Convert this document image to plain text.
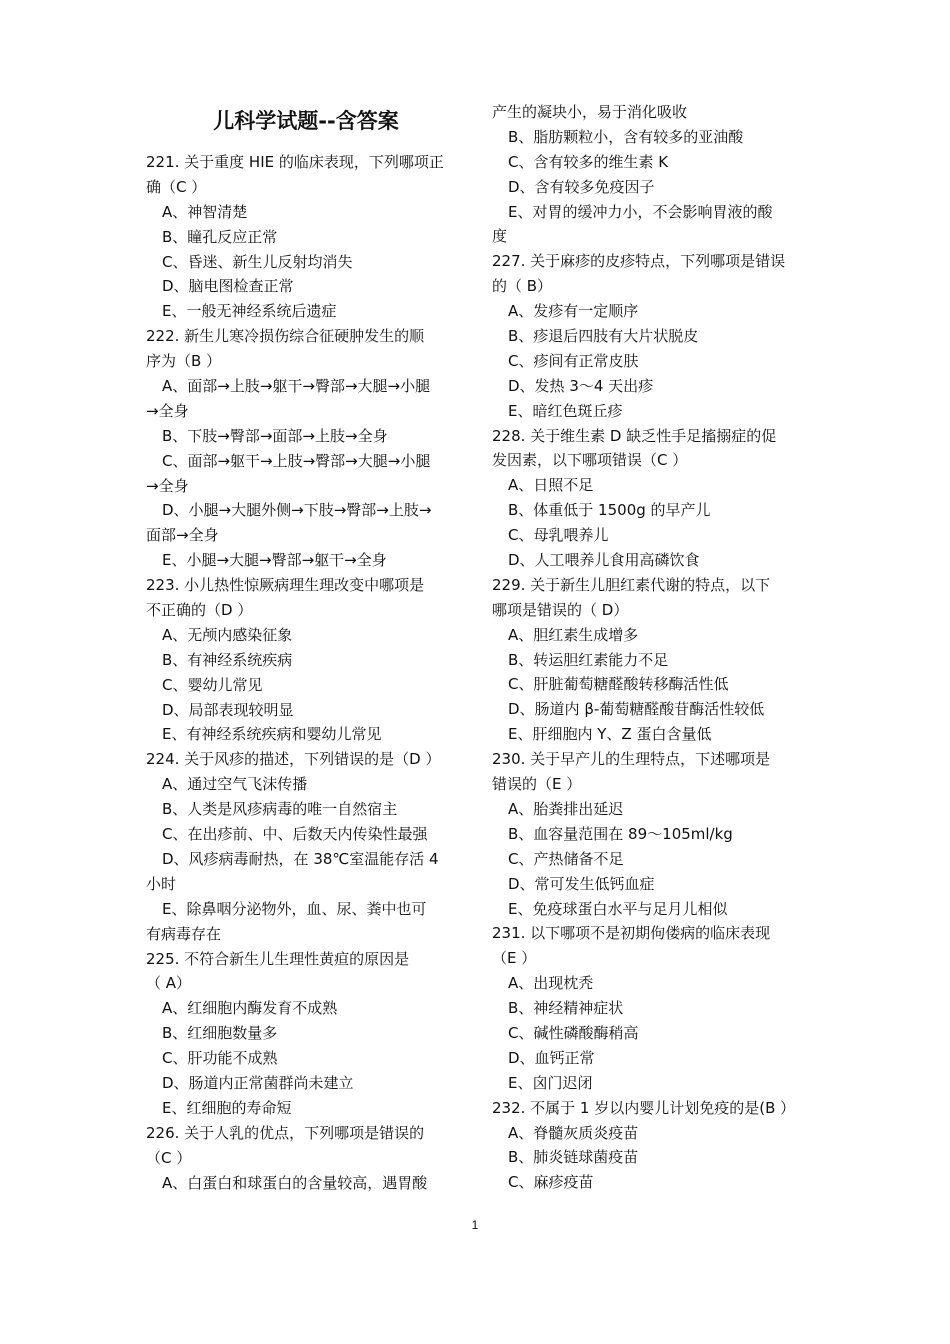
儿科学试题--含答案
221. 关于重度 HIE 的临床表现，下列哪项正
确（C ）
A、神智清楚
B、瞳孔反应正常
C、昏迷、新生儿反射均消失
D、脑电图检查正常
E、一般无神经系统后遗症
222. 新生儿寒冷损伤综合征硬肿发生的顺
序为（B ）
A、面部→上肢→躯干→臀部→大腿→小腿
→全身
B、下肢→臀部→面部→上肢→全身
C、面部→躯干→上肢→臀部→大腿→小腿
→全身
D、小腿→大腿外侧→下肢→臀部→上肢→
面部→全身
E、小腿→大腿→臀部→躯干→全身
223. 小儿热性惊厥病理生理改变中哪项是
不正确的（D ）
A、无颅内感染征象
B、有神经系统疾病
C、婴幼儿常见
D、局部表现较明显
E、有神经系统疾病和婴幼儿常见
224. 关于风疹的描述，下列错误的是（D ）
A、通过空气飞沫传播
B、人类是风疹病毒的唯一自然宿主
C、在出疹前、中、后数天内传染性最强
D、风疹病毒耐热，在 38℃室温能存活 4
小时
E、除鼻咽分泌物外，血、尿、粪中也可
有病毒存在
225. 不符合新生儿生理性黄疸的原因是
（ A）
A、红细胞内酶发育不成熟
B、红细胞数量多
C、肝功能不成熟
D、肠道内正常菌群尚未建立
E、红细胞的寿命短
226. 关于人乳的优点，下列哪项是错误的
（C ）
A、白蛋白和球蛋白的含量较高，遇胃酸
产生的凝块小，易于消化吸收
B、脂肪颗粒小，含有较多的亚油酸
C、含有较多的维生素 K
D、含有较多免疫因子
E、对胃的缓冲力小，不会影响胃液的酸
度
227. 关于麻疹的皮疹特点，下列哪项是错误
的（ B）
A、发疹有一定顺序
B、疹退后四肢有大片状脱皮
C、疹间有正常皮肤
D、发热 3～4 天出疹
E、暗红色斑丘疹
228. 关于维生素 D 缺乏性手足搐搦症的促
发因素，以下哪项错误（C ）
A、日照不足
B、体重低于 1500g 的早产儿
C、母乳喂养儿
D、人工喂养儿食用高磷饮食
229. 关于新生儿胆红素代谢的特点，以下
哪项是错误的（ D）
A、胆红素生成增多
B、转运胆红素能力不足
C、肝脏葡萄糖醛酸转移酶活性低
D、肠道内 β-葡萄糖醛酸苷酶活性较低
E、肝细胞内 Y、Z 蛋白含量低
230. 关于早产儿的生理特点，下述哪项是
错误的（E ）
A、胎粪排出延迟
B、血容量范围在 89～105ml/kg
C、产热储备不足
D、常可发生低钙血症
E、免疫球蛋白水平与足月儿相似
231. 以下哪项不是初期佝偻病的临床表现
（E ）
A、出现枕秃
B、神经精神症状
C、碱性磷酸酶稍高
D、血钙正常
E、囟门迟闭
232. 不属于 1 岁以内婴儿计划免疫的是(B ）
A、脊髓灰质炎疫苗
B、肺炎链球菌疫苗
C、麻疹疫苗
1
